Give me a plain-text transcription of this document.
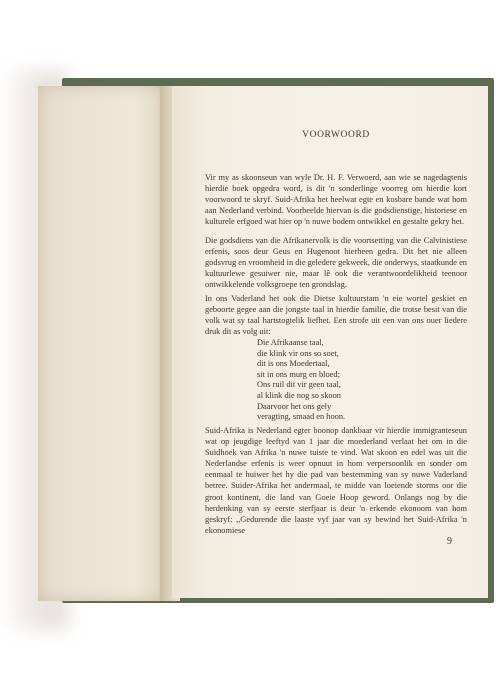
VOORWOORD
Vir my as skoonseun van wyle Dr. H. F. Verwoerd, aan wie se nagedagtenis hierdie boek opgedra word, is dit 'n sonderlinge voorreg om hierdie kort voorwoord te skryf. Suid-Afrika het heelwat egte en kosbare bande wat hom aan Nederland verbind. Voorbeelde hiervan is die godsdienstige, historiese en kulturele erfgoed wat hier op 'n nuwe bodem ontwikkel en gestalte gekry het.
Die godsdiens van die Afrikanervolk is die voortsetting van die Calvinistiese erfenis, soos deur Geus en Hugenoot hierheen gedra. Dit het nie alleen godsvrug en vroomheid in die geledere gekweek, die onderwys, staatkunde en kultuurlewe gesuiwer nie, maar lê ook die verantwoordelikheid teenoor ontwikkelende volksgroepe ten grondslag.
In ons Vaderland het ook die Dietse kultuurstam 'n eie wortel geskiet en geboorte gegee aan die jongste taal in hierdie familie, die trotse besit van die volk wat sy taal hartstogtelik liefhet. Een strofe uit een van ons ouer liedere druk dit as volg uit:
Die Afrikaanse taal,
die klink vir ons so soet,
dit is ons Moedertaal,
sit in ons murg en bloed;
Ons ruil dit vir geen taal,
al klink die nog so skoon
Daarvoor het ons gely
veragting, smaad en hoon.
Suid-Afrika is Nederland egter boonop dankbaar vir hierdie immigranteseun wat op jeugdige leeftyd van 1 jaar die moederland verlaat het om in die Suidhoek van Afrika 'n nuwe tuiste te vind. Wat skoon en edel was uit die Nederlandse erfenis is weer opnuut in hom verpersoonlik en sonder om eenmaal te huiwer het hy die pad van bestemming van sy nuwe Vaderland betree. Suider-Afrika het andermaal, te midde van loeiende storms oor die groot kontinent, die land van Goeie Hoop geword. Onlangs nog by die herdenking van sy eerste sterfjaar is deur 'n erkende ekonoom van hom geskryf: ,,Gedurende die laaste vyf jaar van sy bewind het Suid-Afrika 'n ekonomiese
9
